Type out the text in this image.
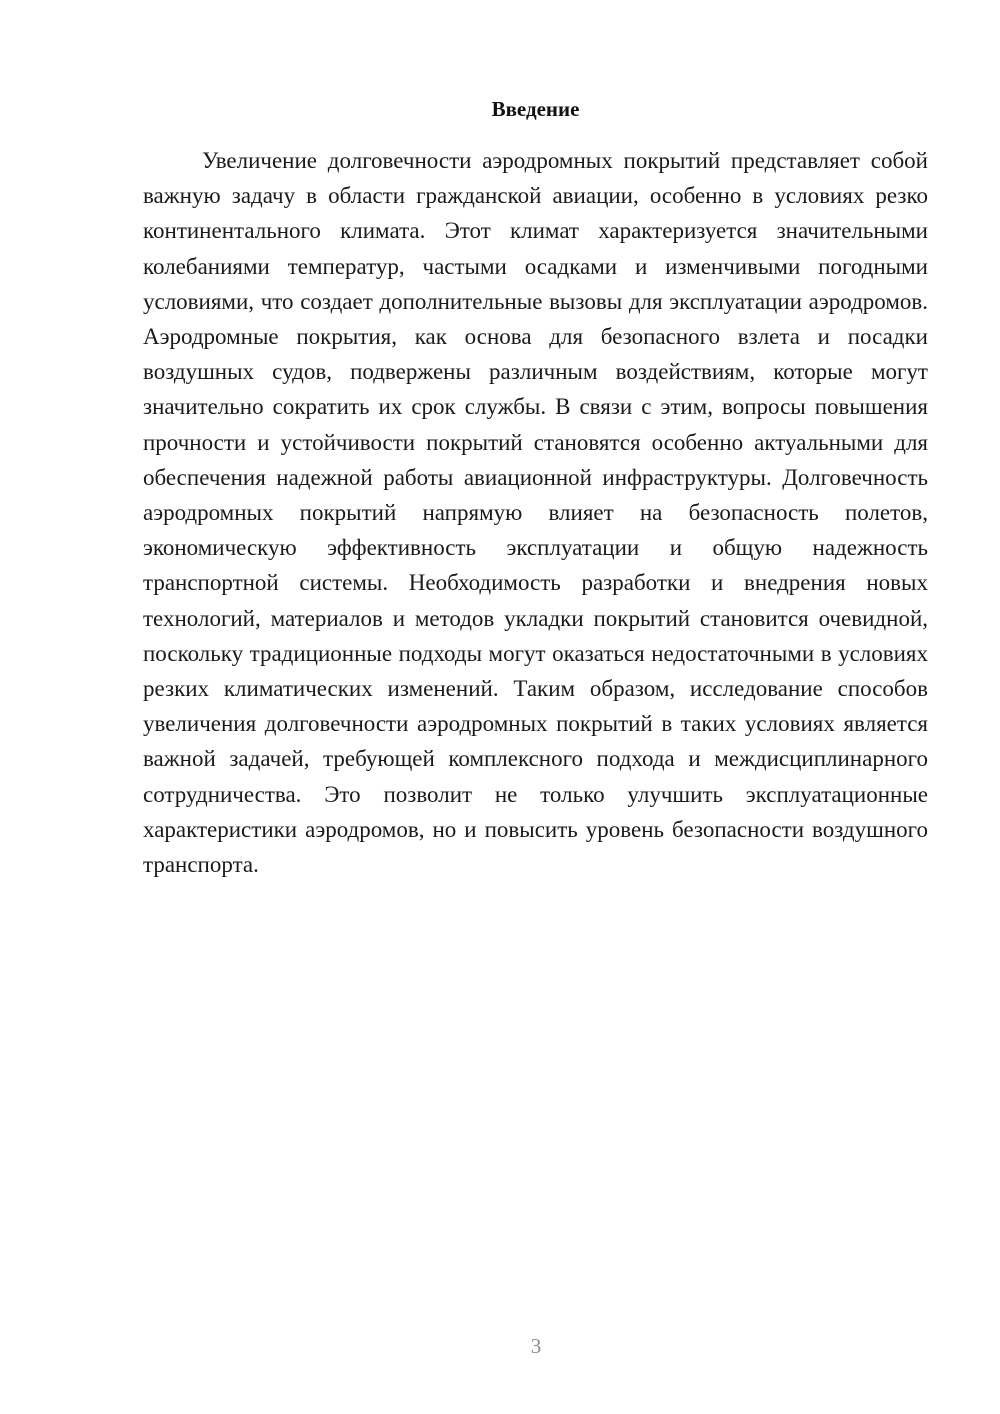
Введение

Увеличение долговечности аэродромных покрытий представляет собой важную задачу в области гражданской авиации, особенно в условиях резко континентального климата. Этот климат характеризуется значительными колебаниями температур, частыми осадками и изменчивыми погодными условиями, что создает дополнительные вызовы для эксплуатации аэродромов. Аэродромные покрытия, как основа для безопасного взлета и посадки воздушных судов, подвержены различным воздействиям, которые могут значительно сократить их срок службы. В связи с этим, вопросы повышения прочности и устойчивости покрытий становятся особенно актуальными для обеспечения надежной работы авиационной инфраструктуры. Долговечность аэродромных покрытий напрямую влияет на безопасность полетов, экономическую эффективность эксплуатации и общую надежность транспортной системы. Необходимость разработки и внедрения новых технологий, материалов и методов укладки покрытий становится очевидной, поскольку традиционные подходы могут оказаться недостаточными в условиях резких климатических изменений. Таким образом, исследование способов увеличения долговечности аэродромных покрытий в таких условиях является важной задачей, требующей комплексного подхода и междисциплинарного сотрудничества. Это позволит не только улучшить эксплуатационные характеристики аэродромов, но и повысить уровень безопасности воздушного транспорта.

3
